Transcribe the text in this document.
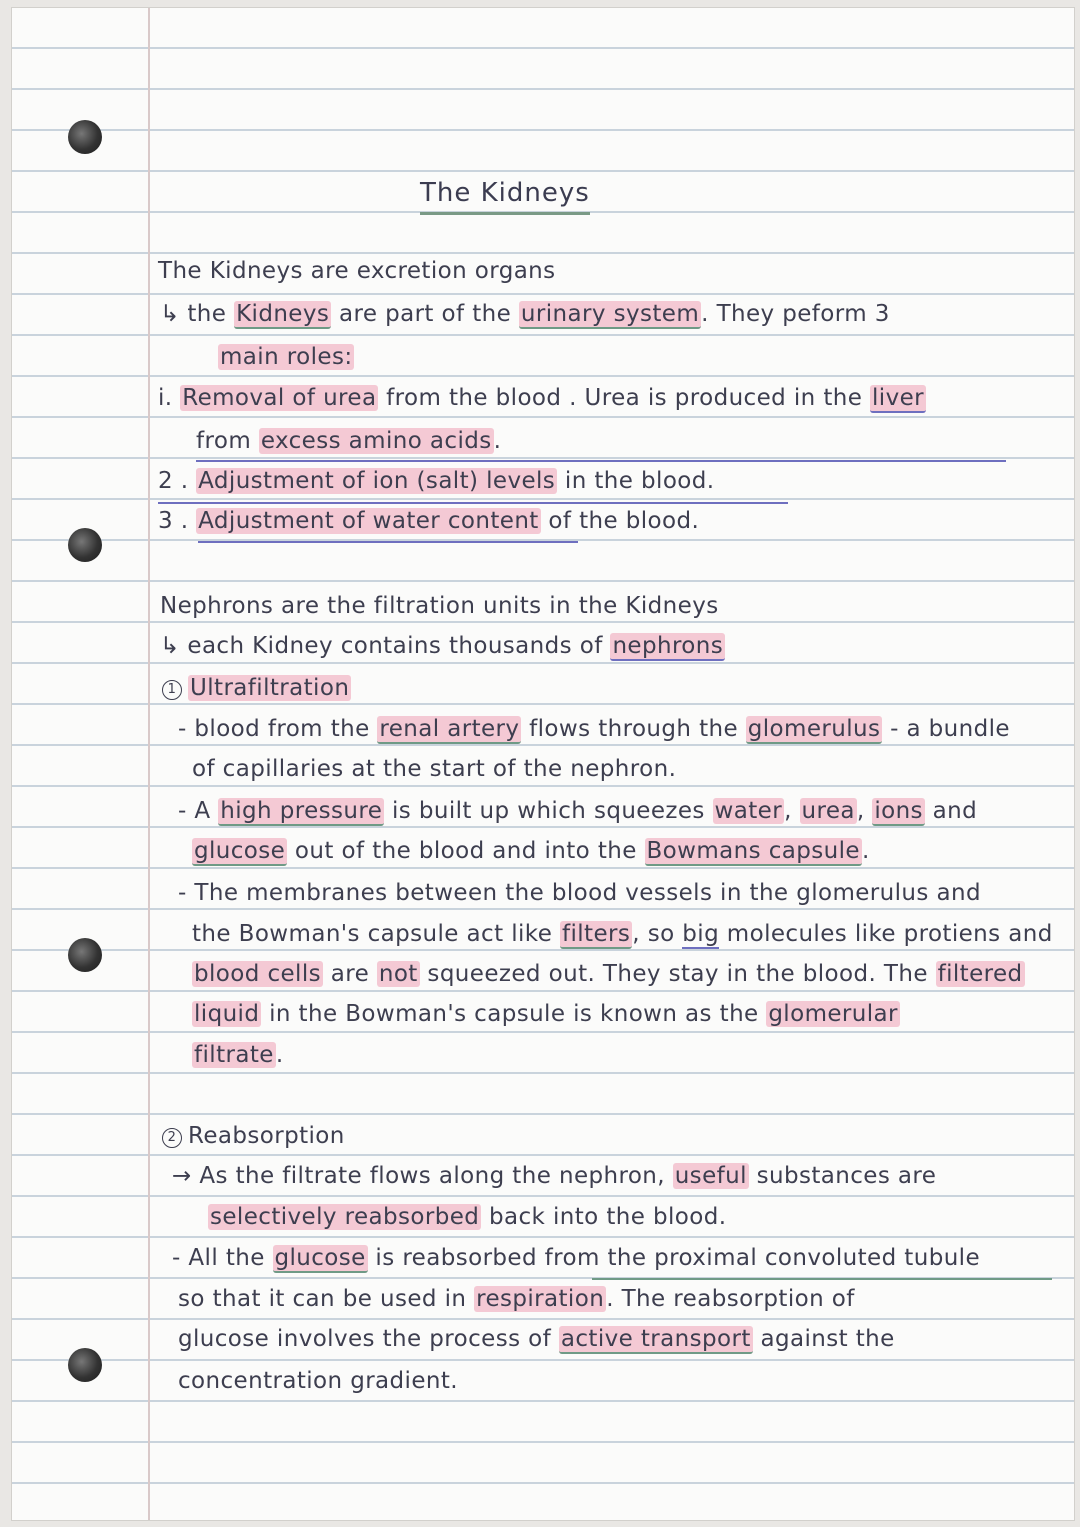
The Kidneys
The Kidneys are excretion organs
↳ the Kidneys are part of the urinary system. They peform 3
main roles:
i. Removal of urea from the blood . Urea is produced in the liver
from excess amino acids.
2 . Adjustment of ion (salt) levels in the blood.
3 . Adjustment of water content of the blood.
Nephrons are the filtration units in the Kidneys
↳ each Kidney contains thousands of nephrons
1 Ultrafiltration
- blood from the renal artery flows through the glomerulus - a bundle
of capillaries at the start of the nephron.
- A high pressure is built up which squeezes water, urea, ions and
glucose out of the blood and into the Bowmans capsule.
- The membranes between the blood vessels in the glomerulus and
the Bowman's capsule act like filters, so big molecules like protiens and
blood cells are not squeezed out. They stay in the blood. The filtered
liquid in the Bowman's capsule is known as the glomerular
filtrate.
2 Reabsorption
→ As the filtrate flows along the nephron, useful substances are
selectively reabsorbed back into the blood.
- All the glucose is reabsorbed from the proximal convoluted tubule
so that it can be used in respiration. The reabsorption of
glucose involves the process of active transport against the
concentration gradient.
